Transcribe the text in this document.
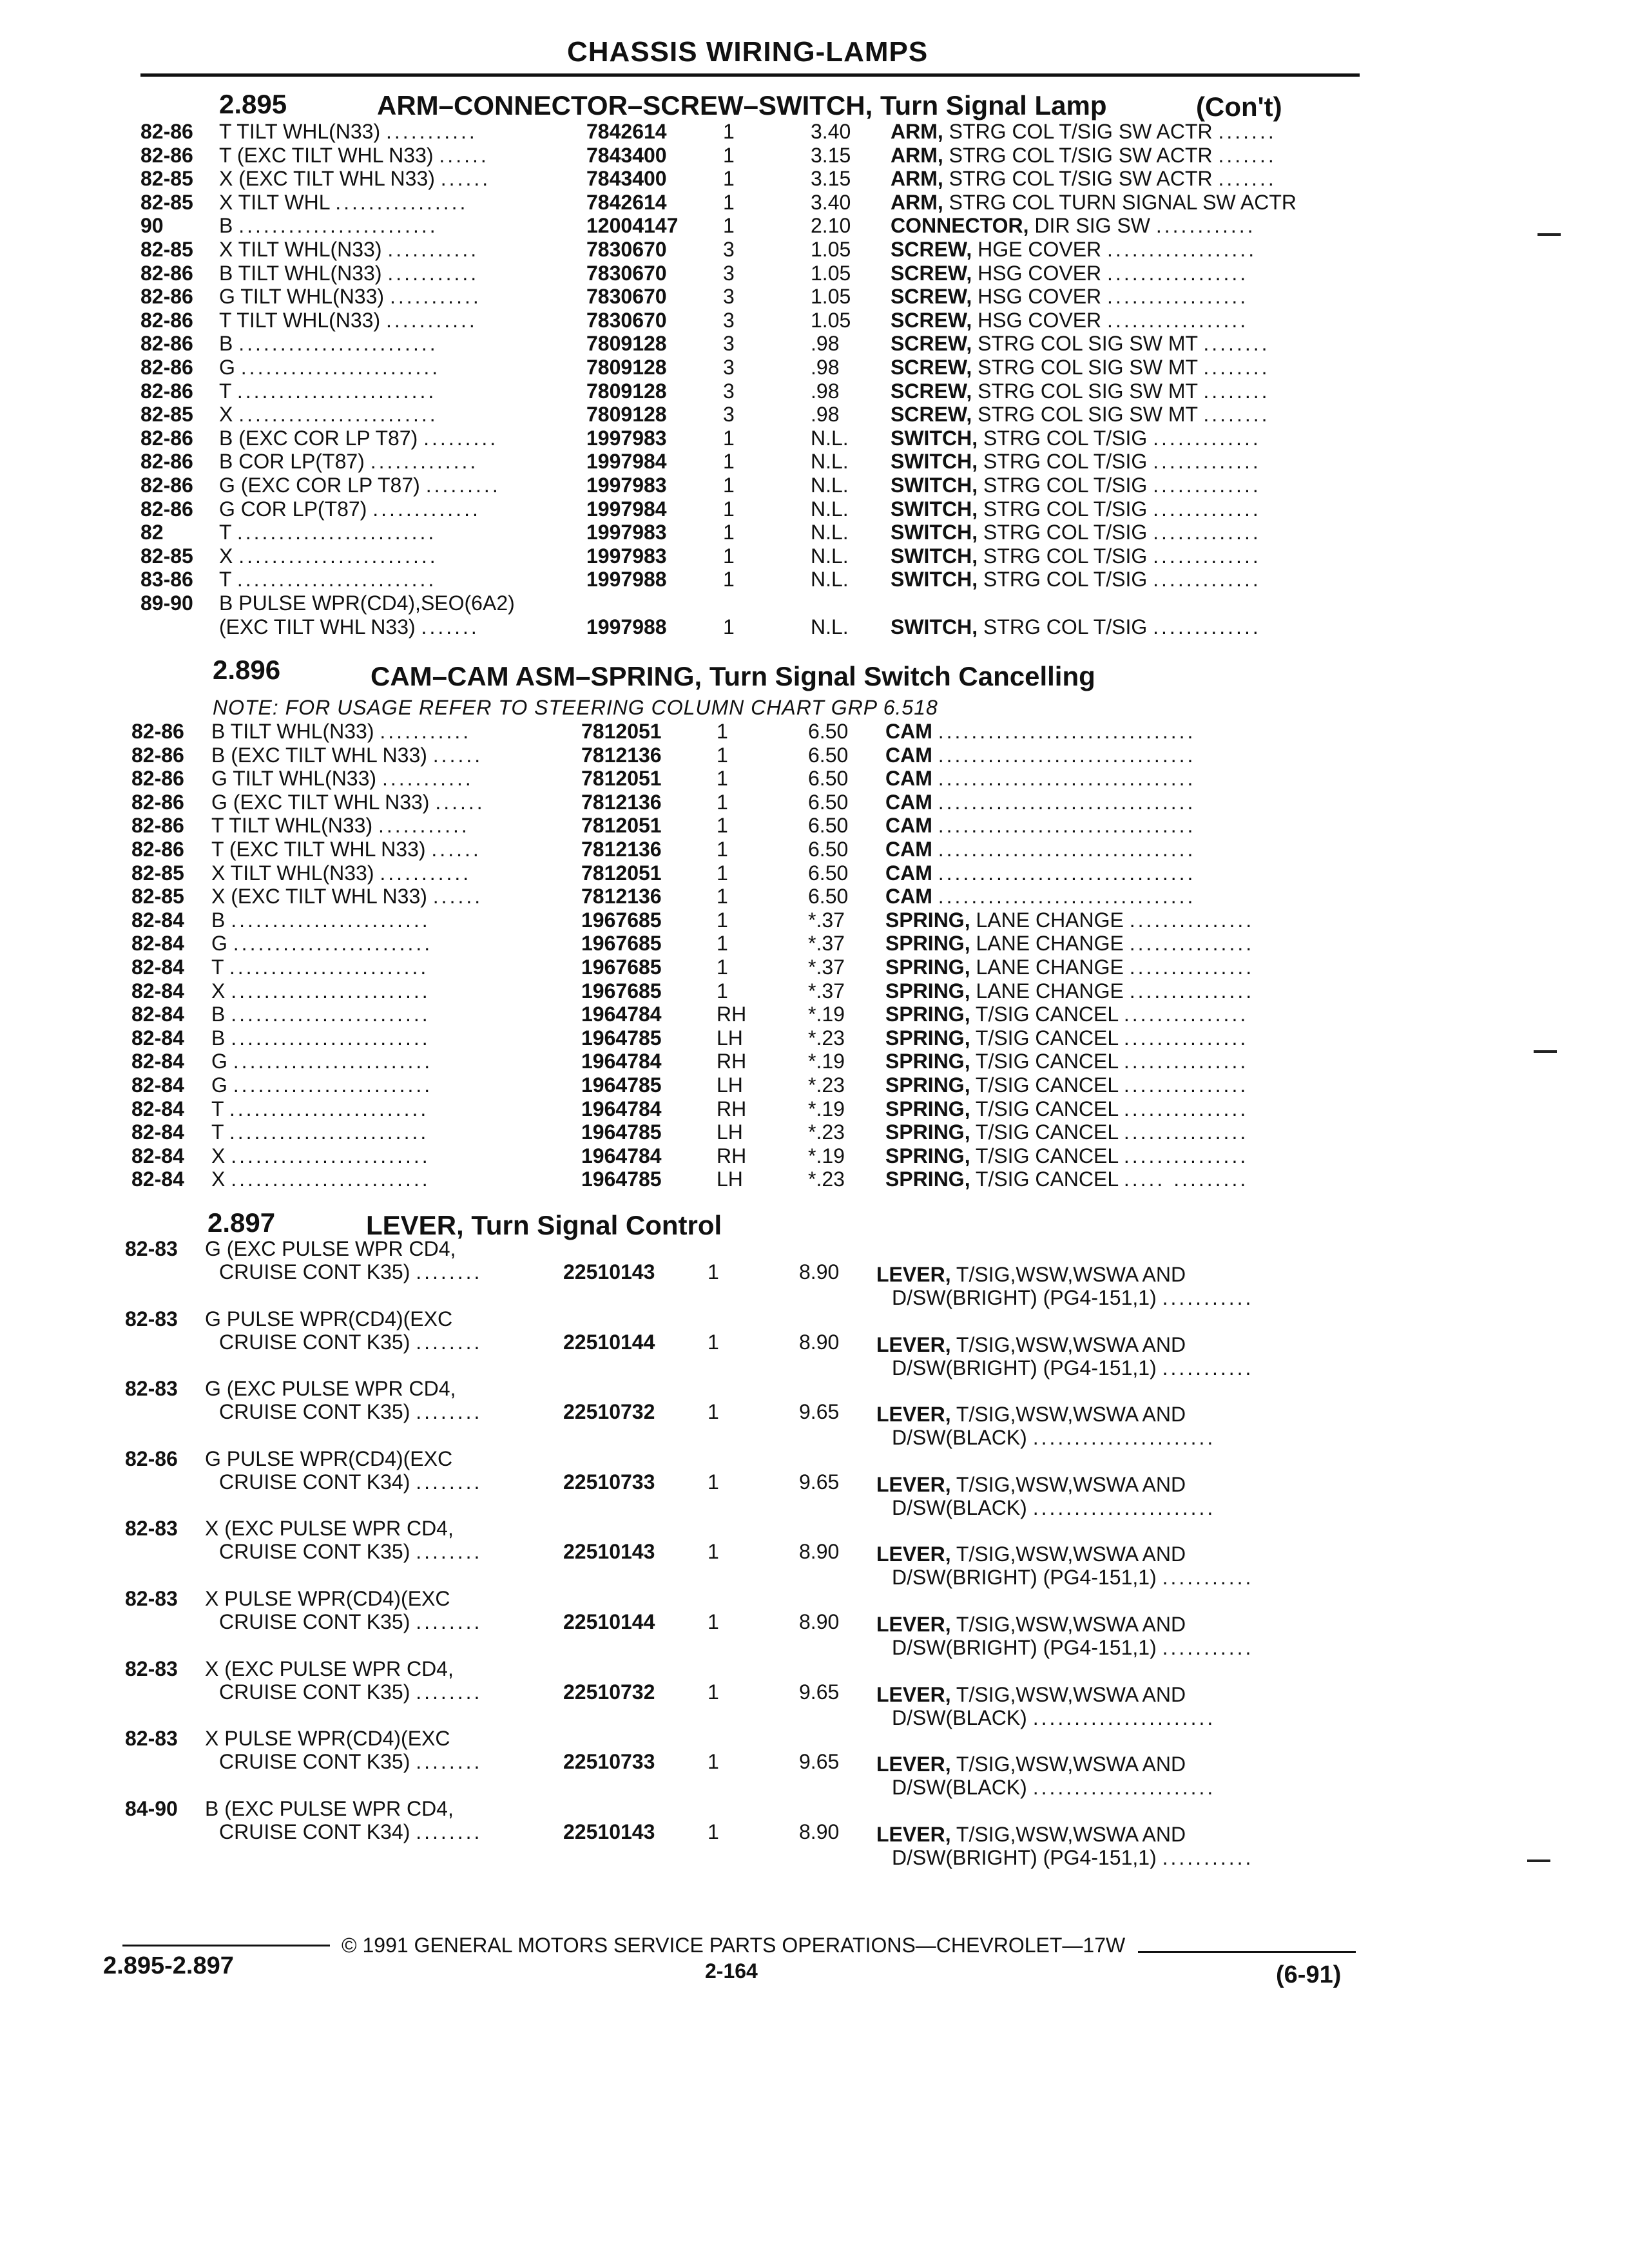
CHASSIS WIRING-LAMPS
2.895	ARM–CONNECTOR–SCREW–SWITCH, Turn Signal Lamp	(Con't)
82-86 T TILT WHL(N33) ...........	7842614	1	3.40 ARM, STRG COL T/SIG SW ACTR .......
82-86 T (EXC TILT WHL N33) ......	7843400	1	3.15 ARM, STRG COL T/SIG SW ACTR .......
82-85 X (EXC TILT WHL N33) ......	7843400	1	3.15 ARM, STRG COL T/SIG SW ACTR .......
82-85 X TILT WHL ................	7842614	1	3.40 ARM, STRG COL TURN SIGNAL SW ACTR
90	B ........................	12004147 1	2.10 CONNECTOR, DIR SIG SW ............
82-85 X TILT WHL(N33) ...........	7830670	3	1.05 SCREW, HGE COVER ..................
82-86 B TILT WHL(N33) ...........	7830670	3	1.05 SCREW, HSG COVER .................
82-86 G TILT WHL(N33) ...........	7830670	3	1.05 SCREW, HSG COVER .................
82-86 T TILT WHL(N33) ...........	7830670	3	1.05 SCREW, HSG COVER .................
82-86 B ........................	7809128	3	.98 SCREW, STRG COL SIG SW MT ........
82-86 G ........................	7809128	3	.98 SCREW, STRG COL SIG SW MT ........
82-86 T ........................	7809128	3	.98 SCREW, STRG COL SIG SW MT ........
82-85 X ........................	7809128	3	.98 SCREW, STRG COL SIG SW MT ........
82-86 B (EXC COR LP T87) .........	1997983	1	N.L. SWITCH, STRG COL T/SIG .............
82-86 B COR LP(T87) .............	1997984	1	N.L. SWITCH, STRG COL T/SIG .............
82-86 G (EXC COR LP T87) .........	1997983	1	N.L. SWITCH, STRG COL T/SIG .............
82-86 G COR LP(T87) .............	1997984	1	N.L. SWITCH, STRG COL T/SIG .............
82	T ........................	1997983	1	N.L. SWITCH, STRG COL T/SIG .............
82-85 X ........................	1997983	1	N.L. SWITCH, STRG COL T/SIG .............
83-86 T ........................	1997988	1	N.L. SWITCH, STRG COL T/SIG .............
89-90 B PULSE WPR(CD4),SEO(6A2)
(EXC TILT WHL N33) .......	1997988	1	N.L. SWITCH, STRG COL T/SIG .............
2.896	CAM–CAM ASM–SPRING, Turn Signal Switch Cancelling
NOTE: FOR USAGE REFER TO STEERING COLUMN CHART GRP 6.518
82-86 B TILT WHL(N33) ...........	7812051	1	6.50 CAM ...............................
82-86 B (EXC TILT WHL N33) ......	7812136	1	6.50 CAM ...............................
82-86 G TILT WHL(N33) ...........	7812051	1	6.50 CAM ...............................
82-86 G (EXC TILT WHL N33) ......	7812136	1	6.50 CAM ...............................
82-86 T TILT WHL(N33) ...........	7812051	1	6.50 CAM ...............................
82-86 T (EXC TILT WHL N33) ......	7812136	1	6.50 CAM ...............................
82-85 X TILT WHL(N33) ...........	7812051	1	6.50 CAM ...............................
82-85 X (EXC TILT WHL N33) ......	7812136	1	6.50 CAM ...............................
82-84 B ........................	1967685	1	*.37 SPRING, LANE CHANGE ...............
82-84 G ........................	1967685	1	*.37 SPRING, LANE CHANGE ...............
82-84 T ........................	1967685	1	*.37 SPRING, LANE CHANGE ...............
82-84 X ........................	1967685	1	*.37 SPRING, LANE CHANGE ...............
82-84 B ........................	1964784	RH	*.19 SPRING, T/SIG CANCEL ...............
82-84 B ........................	1964785	LH	*.23 SPRING, T/SIG CANCEL ...............
82-84 G ........................	1964784	RH	*.19 SPRING, T/SIG CANCEL ...............
82-84 G ........................	1964785	LH	*.23 SPRING, T/SIG CANCEL ...............
82-84 T ........................	1964784	RH	*.19 SPRING, T/SIG CANCEL ...............
82-84 T ........................	1964785	LH	*.23 SPRING, T/SIG CANCEL ...............
82-84 X ........................	1964784	RH	*.19 SPRING, T/SIG CANCEL ...............
82-84 X ........................	1964785	LH	*.23 SPRING, T/SIG CANCEL ..... .........
2.897	LEVER, Turn Signal Control
82-83 G (EXC PULSE WPR CD4,
CRUISE CONT K35) ........	22510143	1	8.90 LEVER, T/SIG,WSW,WSWA AND
D/SW(BRIGHT) (PG4-151,1) ...........
82-83 G PULSE WPR(CD4)(EXC
CRUISE CONT K35) ........	22510144	1	8.90 LEVER, T/SIG,WSW,WSWA AND
D/SW(BRIGHT) (PG4-151,1) ...........
82-83 G (EXC PULSE WPR CD4,
CRUISE CONT K35) ........	22510732	1	9.65 LEVER, T/SIG,WSW,WSWA AND
D/SW(BLACK) ......................
82-86 G PULSE WPR(CD4)(EXC
CRUISE CONT K34) ........	22510733	1	9.65 LEVER, T/SIG,WSW,WSWA AND
D/SW(BLACK) ......................
82-83 X (EXC PULSE WPR CD4,
CRUISE CONT K35) ........	22510143	1	8.90 LEVER, T/SIG,WSW,WSWA AND
D/SW(BRIGHT) (PG4-151,1) ...........
82-83 X PULSE WPR(CD4)(EXC
CRUISE CONT K35) ........	22510144	1	8.90 LEVER, T/SIG,WSW,WSWA AND
D/SW(BRIGHT) (PG4-151,1) ...........
82-83 X (EXC PULSE WPR CD4,
CRUISE CONT K35) ........	22510732	1	9.65 LEVER, T/SIG,WSW,WSWA AND
D/SW(BLACK) ......................
82-83 X PULSE WPR(CD4)(EXC
CRUISE CONT K35) ........	22510733	1	9.65 LEVER, T/SIG,WSW,WSWA AND
D/SW(BLACK) ......................
84-90 B (EXC PULSE WPR CD4,
CRUISE CONT K34) ........	22510143	1	8.90 LEVER, T/SIG,WSW,WSWA AND
D/SW(BRIGHT) (PG4-151,1) ...........
© 1991 GENERAL MOTORS SERVICE PARTS OPERATIONS—CHEVROLET—17W
2.895-2.897	2-164	(6-91)
